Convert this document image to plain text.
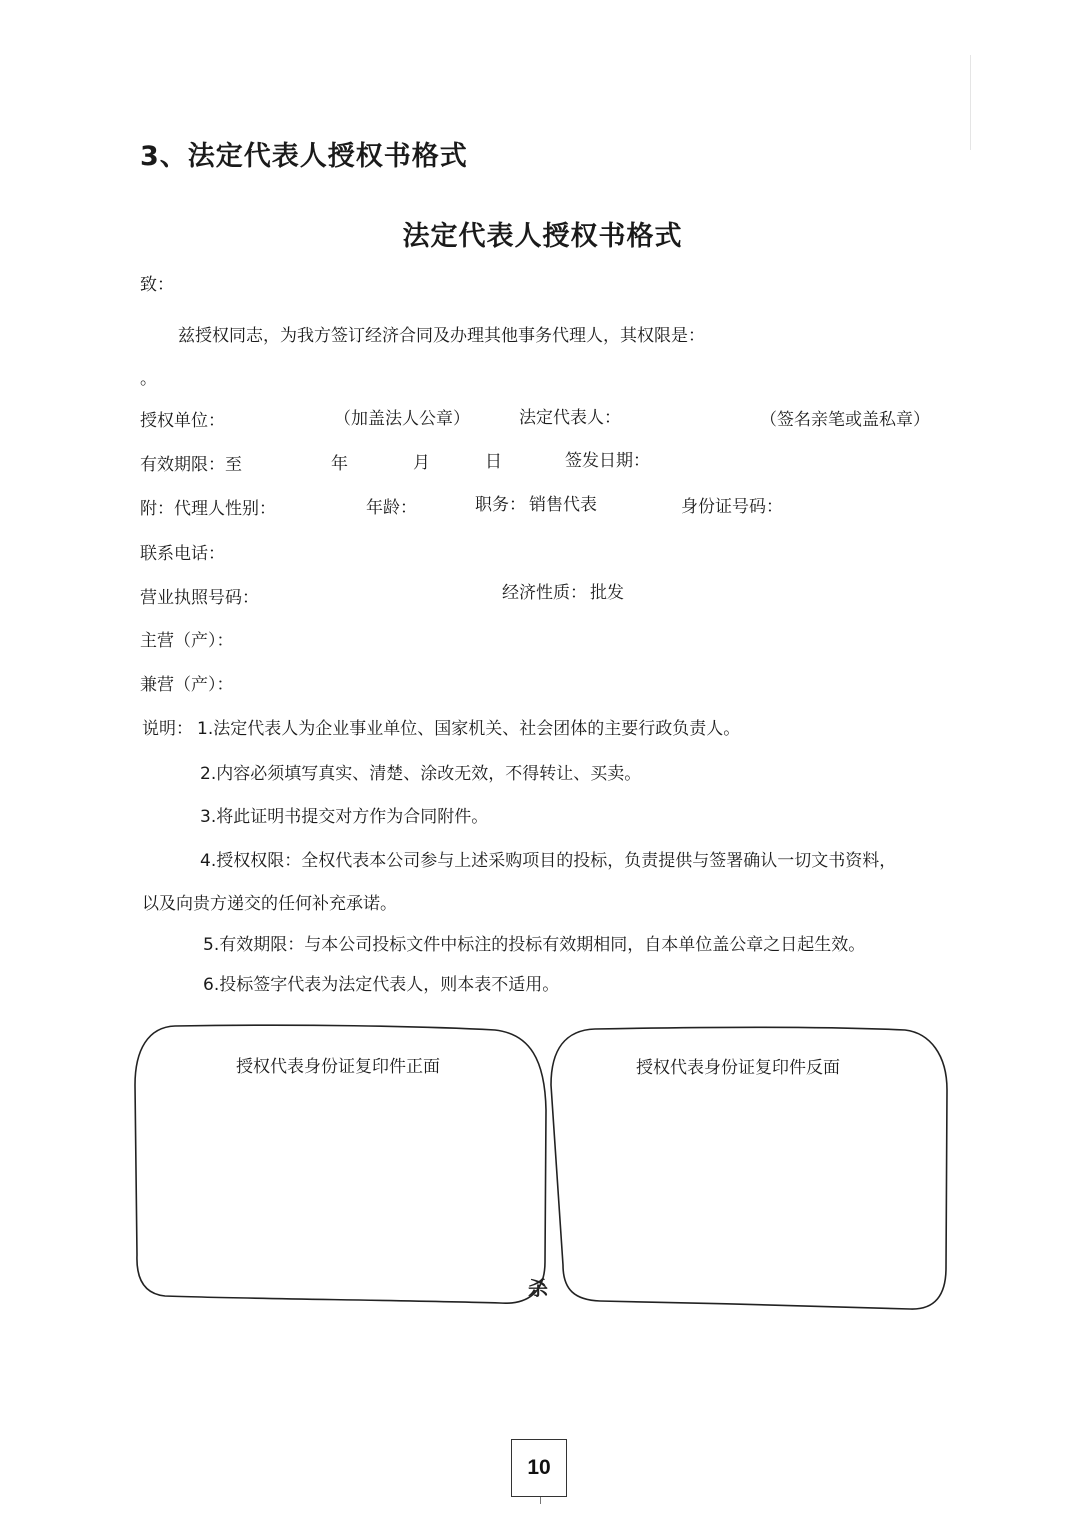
3、法定代表人授权书格式
法定代表人授权书格式
致：
兹授权同志，为我方签订经济合同及办理其他事务代理人，其权限是：
。
授权单位：	（加盖法人公章）	法定代表人：	（签名亲笔或盖私章）
有效期限：至	年	月	日	签发日期：
附：代理人性别：	年龄：	职务： 销售代表	身份证号码：
联系电话：
营业执照号码：	经济性质： 批发
主营（产）：
兼营（产）：
说明： 1.法定代表人为企业事业单位、国家机关、社会团体的主要行政负责人。
2.内容必须填写真实、清楚、涂改无效，不得转让、买卖。
3.将此证明书提交对方作为合同附件。
4.授权权限：全权代表本公司参与上述采购项目的投标，负责提供与签署确认一切文书资料，
以及向贵方递交的任何补充承诺。
5.有效期限：与本公司投标文件中标注的投标有效期相同，自本单位盖公章之日起生效。
6.投标签字代表为法定代表人，则本表不适用。
授权代表身份证复印件正面	授权代表身份证复印件反面
杀
10
